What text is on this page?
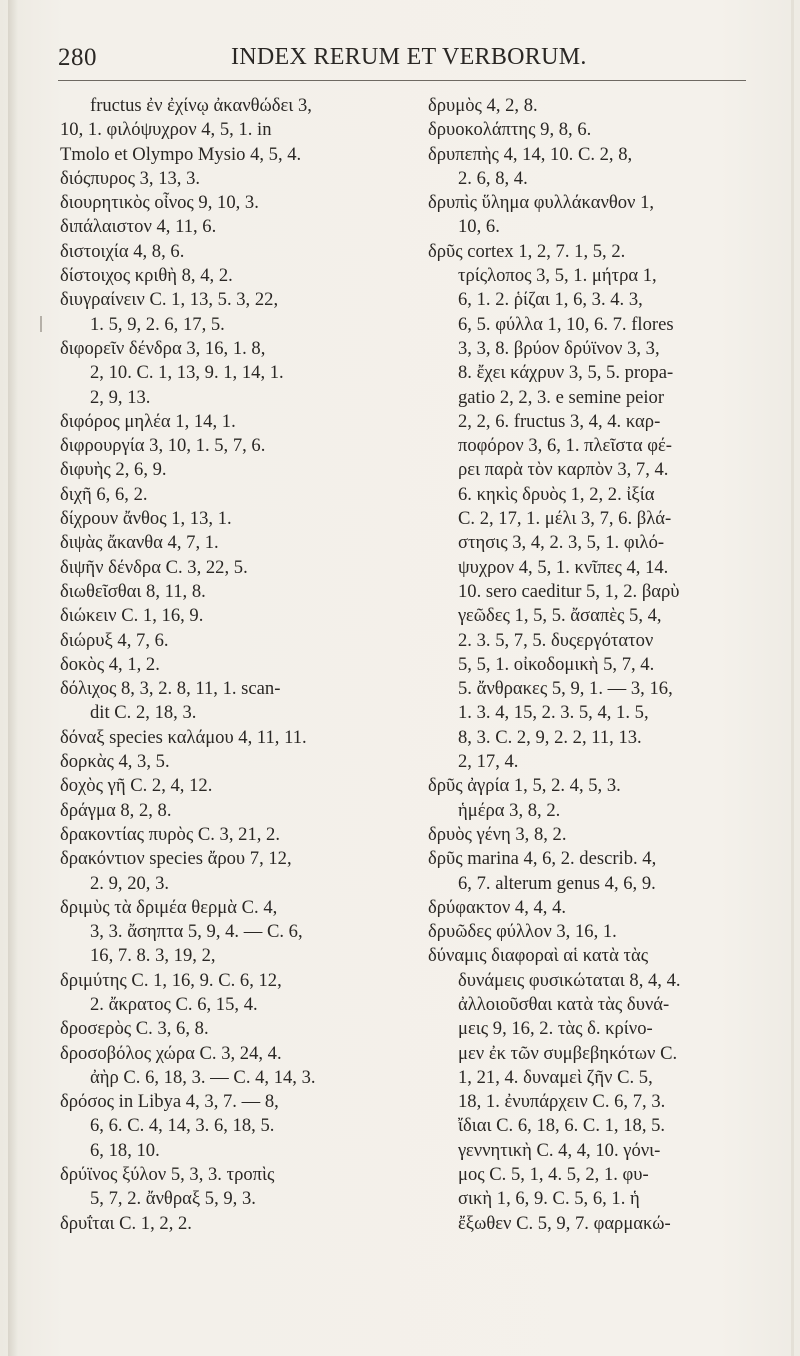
280	INDEX RERUM ET VERBORUM.
fructus ἐν ἐχίνῳ ἀκανθώδει 3,
10, 1. φιλόψυχρον 4, 5, 1. in
Tmolo et Olympo Mysio 4, 5, 4.
διόςπυρος 3, 13, 3.
διουρητικὸς οἶνος 9, 10, 3.
διπάλαιστον 4, 11, 6.
διστοιχία 4, 8, 6.
δίστοιχος κριθὴ 8, 4, 2.
διυγραίνειν C. 1, 13, 5. 3, 22,
1. 5, 9, 2. 6, 17, 5.
διφορεῖν δένδρα 3, 16, 1. 8,
2, 10. C. 1, 13, 9. 1, 14, 1.
2, 9, 13.
διφόρος μηλέα 1, 14, 1.
διφρουργία 3, 10, 1. 5, 7, 6.
διφυὴς 2, 6, 9.
διχῆ 6, 6, 2.
δίχρουν ἄνθος 1, 13, 1.
διψὰς ἄκανθα 4, 7, 1.
διψῆν δένδρα C. 3, 22, 5.
διωθεῖσθαι 8, 11, 8.
διώκειν C. 1, 16, 9.
διώρυξ 4, 7, 6.
δοκὸς 4, 1, 2.
δόλιχος 8, 3, 2. 8, 11, 1. scan-
dit C. 2, 18, 3.
δόναξ species καλάμου 4, 11, 11.
δορκὰς 4, 3, 5.
δοχὸς γῆ C. 2, 4, 12.
δράγμα 8, 2, 8.
δρακοντίας πυρὸς C. 3, 21, 2.
δρακόντιον species ἄρου 7, 12,
2. 9, 20, 3.
δριμὺς τὰ δριμέα θερμὰ C. 4,
3, 3. ἄσηπτα 5, 9, 4. — C. 6,
16, 7. 8. 3, 19, 2,
δριμύτης C. 1, 16, 9. C. 6, 12,
2. ἄκρατος C. 6, 15, 4.
δροσερὸς C. 3, 6, 8.
δροσοβόλος χώρα C. 3, 24, 4.
ἀὴρ C. 6, 18, 3. — C. 4, 14, 3.
δρόσος in Libya 4, 3, 7. — 8,
6, 6. C. 4, 14, 3. 6, 18, 5.
6, 18, 10.
δρύϊνος ξύλον 5, 3, 3. τροπὶς
5, 7, 2. ἄνθραξ 5, 9, 3.
δρυΐται C. 1, 2, 2.
δρυμὸς 4, 2, 8.
δρυοκολάπτης 9, 8, 6.
δρυπεπὴς 4, 14, 10. C. 2, 8,
2. 6, 8, 4.
δρυπὶς ὕλημα φυλλάκανθον 1,
10, 6.
δρῦς cortex 1, 2, 7. 1, 5, 2.
τρίςλοπος 3, 5, 1. μήτρα 1,
6, 1. 2. ῥίζαι 1, 6, 3. 4. 3,
6, 5. φύλλα 1, 10, 6. 7. flores
3, 3, 8. βρύον δρύϊνον 3, 3,
8. ἔχει κάχρυν 3, 5, 5. propa-
gatio 2, 2, 3. e semine peior
2, 2, 6. fructus 3, 4, 4. καρ-
ποφόρον 3, 6, 1. πλεῖστα φέ-
ρει παρὰ τὸν καρπὸν 3, 7, 4.
6. κηκὶς δρυὸς 1, 2, 2. ἰξία
C. 2, 17, 1. μέλι 3, 7, 6. βλά-
στησις 3, 4, 2. 3, 5, 1. φιλό-
ψυχρον 4, 5, 1. κνῖπες 4, 14.
10. sero caeditur 5, 1, 2. βαρὺ
γεῶδες 1, 5, 5. ἄσαπὲς 5, 4,
2. 3. 5, 7, 5. δυςεργότατον
5, 5, 1. οἰκοδομικὴ 5, 7, 4.
5. ἄνθρακες 5, 9, 1. — 3, 16,
1. 3. 4, 15, 2. 3. 5, 4, 1. 5,
8, 3. C. 2, 9, 2. 2, 11, 13.
2, 17, 4.
δρῦς ἀγρία 1, 5, 2. 4, 5, 3.
ἡμέρα 3, 8, 2.
δρυὸς γένη 3, 8, 2.
δρῦς marina 4, 6, 2. describ. 4,
6, 7. alterum genus 4, 6, 9.
δρύφακτον 4, 4, 4.
δρυῶδες φύλλον 3, 16, 1.
δύναμις διαφοραὶ αἱ κατὰ τὰς
δυνάμεις φυσικώταται 8, 4, 4.
ἀλλοιοῦσθαι κατὰ τὰς δυνά-
μεις 9, 16, 2. τὰς δ. κρίνο-
μεν ἐκ τῶν συμβεβηκότων C.
1, 21, 4. δυναμεὶ ζῆν C. 5,
18, 1. ἐνυπάρχειν C. 6, 7, 3.
ἴδιαι C. 6, 18, 6. C. 1, 18, 5.
γεννητικὴ C. 4, 4, 10. γόνι-
μος C. 5, 1, 4. 5, 2, 1. φυ-
σικὴ 1, 6, 9. C. 5, 6, 1. ἡ
ἔξωθεν C. 5, 9, 7. φαρμακώ-
